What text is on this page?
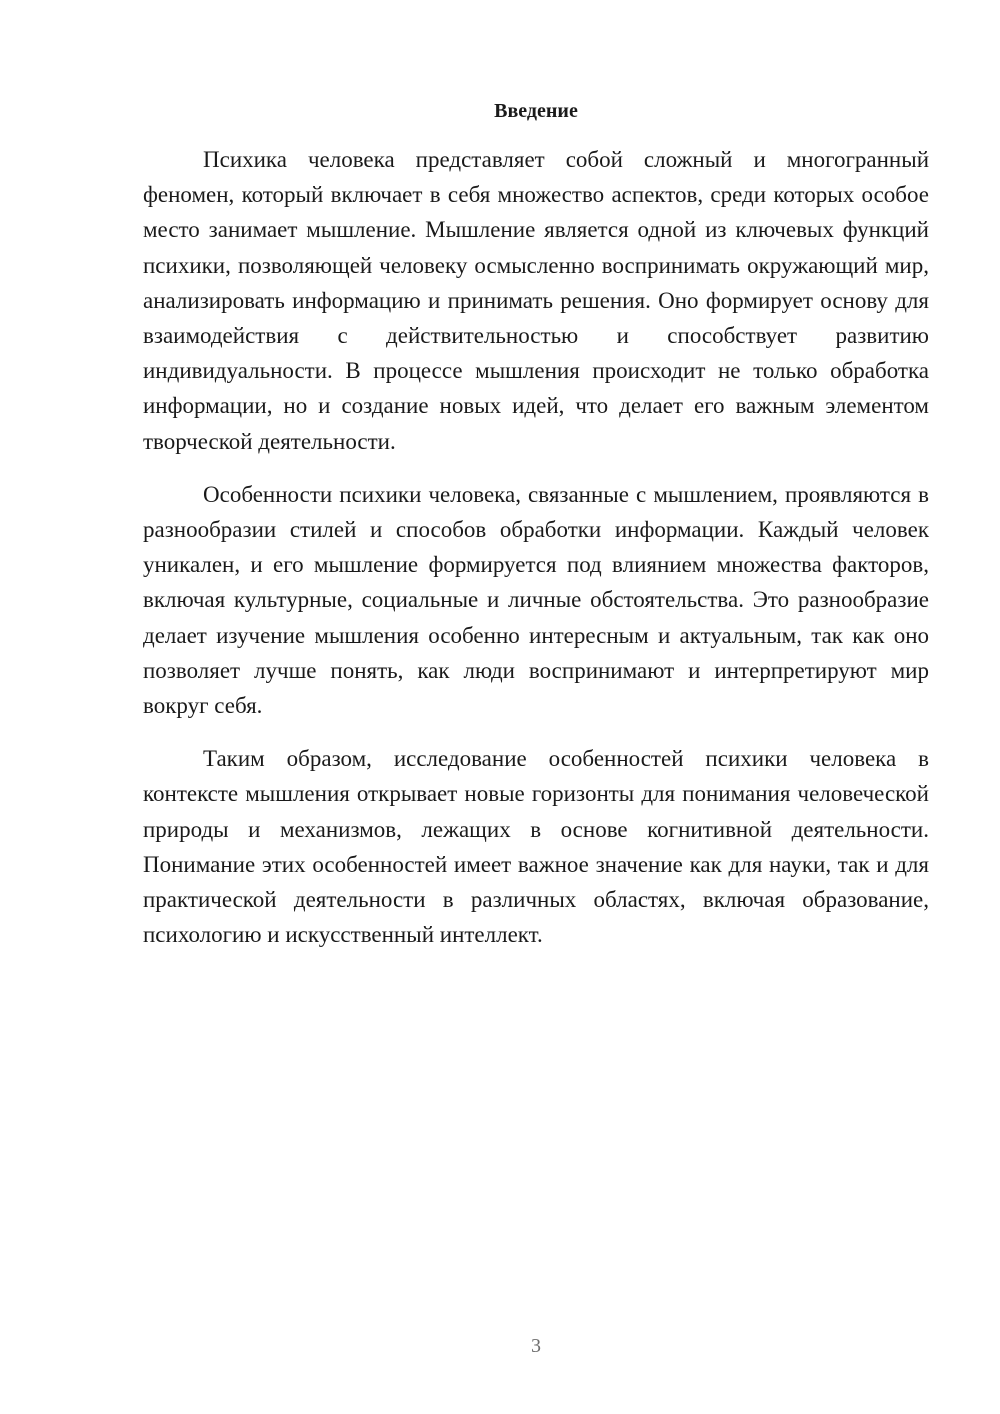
Введение

Психика человека представляет собой сложный и многогранный феномен, который включает в себя множество аспектов, среди которых особое место занимает мышление. Мышление является одной из ключевых функций психики, позволяющей человеку осмысленно воспринимать окружающий мир, анализировать информацию и принимать решения. Оно формирует основу для взаимодействия с действительностью и способствует развитию индивидуальности. В процессе мышления происходит не только обработка информации, но и создание новых идей, что делает его важным элементом творческой деятельности.

Особенности психики человека, связанные с мышлением, проявляются в разнообразии стилей и способов обработки информации. Каждый человек уникален, и его мышление формируется под влиянием множества факторов, включая культурные, социальные и личные обстоятельства. Это разнообразие делает изучение мышления особенно интересным и актуальным, так как оно позволяет лучше понять, как люди воспринимают и интерпретируют мир вокруг себя.

Таким образом, исследование особенностей психики человека в контексте мышления открывает новые горизонты для понимания человеческой природы и механизмов, лежащих в основе когнитивной деятельности. Понимание этих особенностей имеет важное значение как для науки, так и для практической деятельности в различных областях, включая образование, психологию и искусственный интеллект.

3
